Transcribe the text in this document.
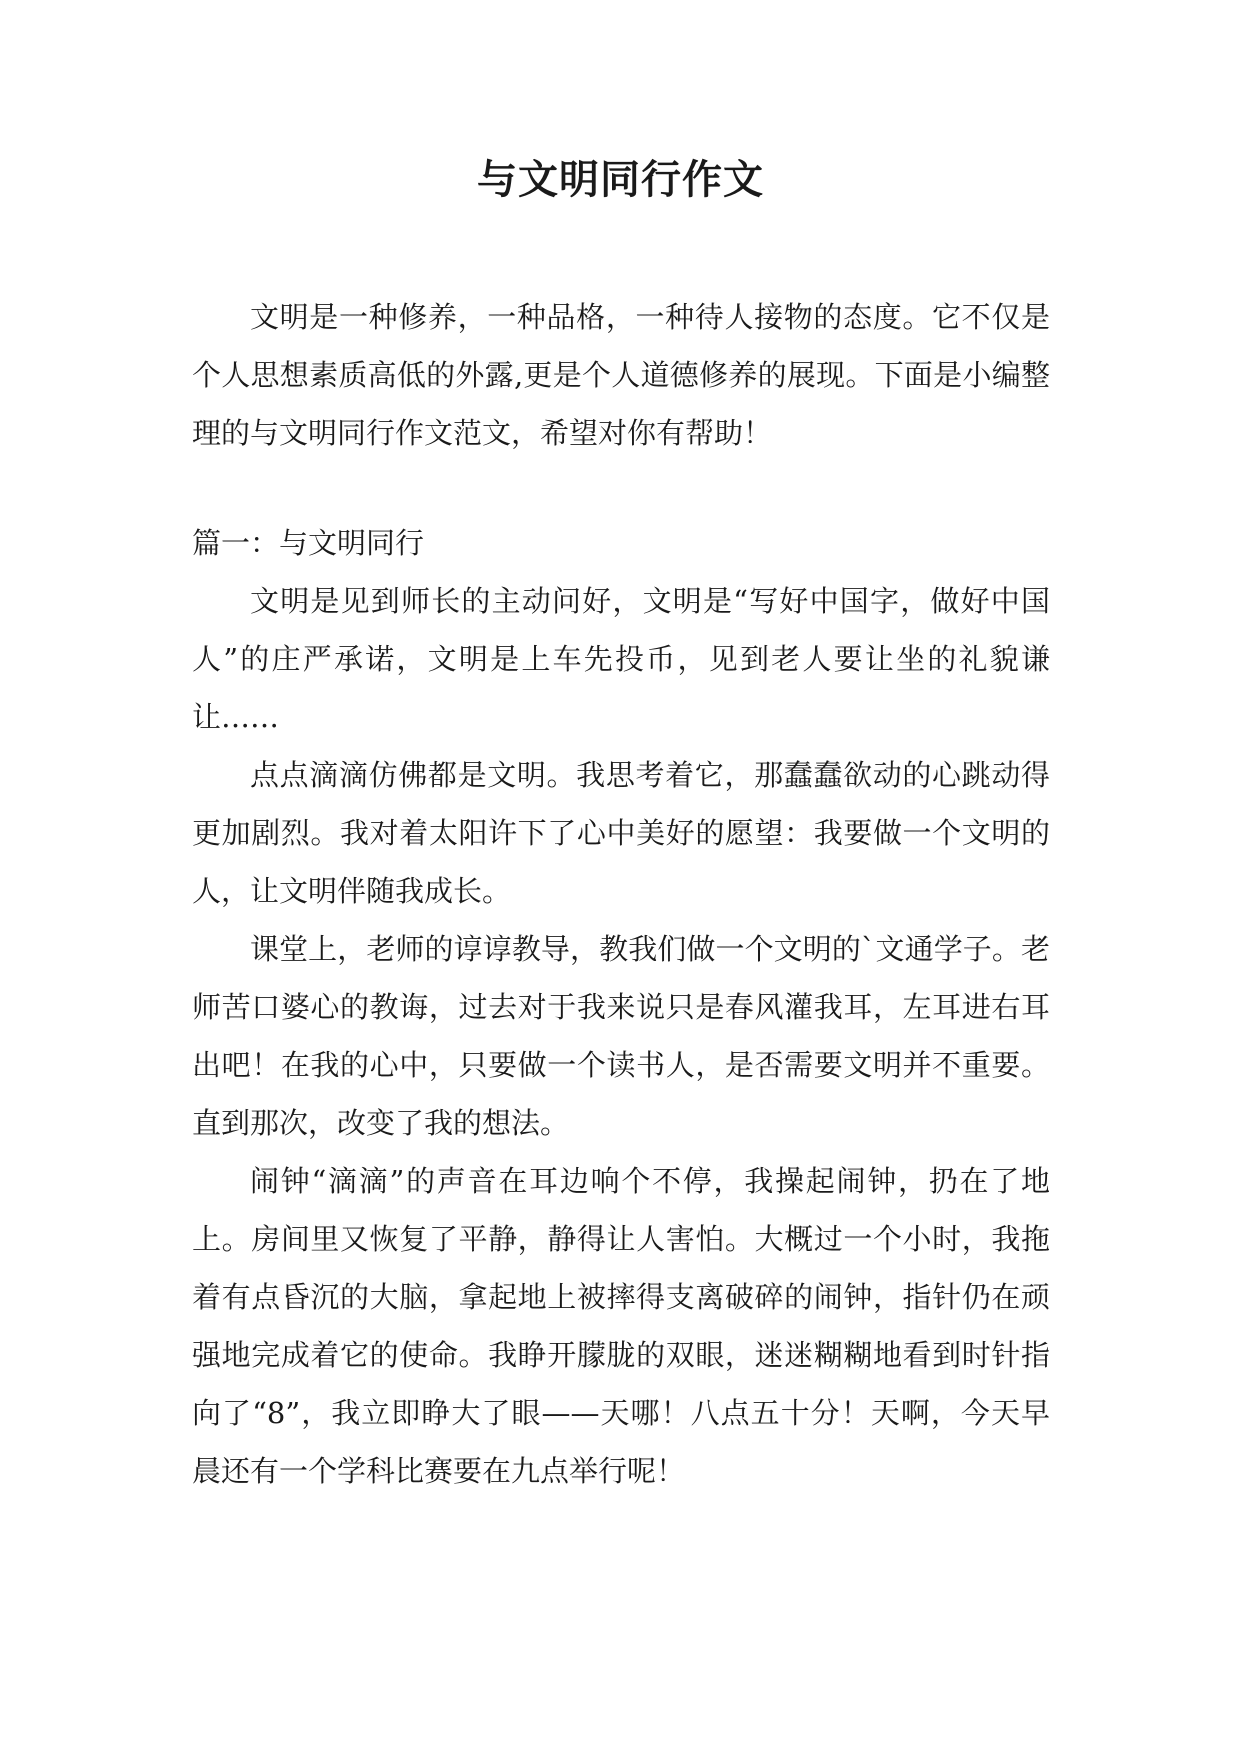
与文明同行作文

文明是一种修养，一种品格，一种待人接物的态度。它不仅是个人思想素质高低的外露,更是个人道德修养的展现。下面是小编整理的与文明同行作文范文，希望对你有帮助！

篇一：与文明同行

文明是见到师长的主动问好，文明是“写好中国字，做好中国人”的庄严承诺，文明是上车先投币，见到老人要让坐的礼貌谦让……

点点滴滴仿佛都是文明。我思考着它，那蠢蠢欲动的心跳动得更加剧烈。我对着太阳许下了心中美好的愿望：我要做一个文明的人，让文明伴随我成长。

课堂上，老师的谆谆教导，教我们做一个文明的`文通学子。老师苦口婆心的教诲，过去对于我来说只是春风灌我耳，左耳进右耳出吧！在我的心中，只要做一个读书人，是否需要文明并不重要。直到那次，改变了我的想法。

闹钟“滴滴”的声音在耳边响个不停，我操起闹钟，扔在了地上。房间里又恢复了平静，静得让人害怕。大概过一个小时，我拖着有点昏沉的大脑，拿起地上被摔得支离破碎的闹钟，指针仍在顽强地完成着它的使命。我睁开朦胧的双眼，迷迷糊糊地看到时针指向了“8”，我立即睁大了眼——天哪！八点五十分！天啊，今天早晨还有一个学科比赛要在九点举行呢！
